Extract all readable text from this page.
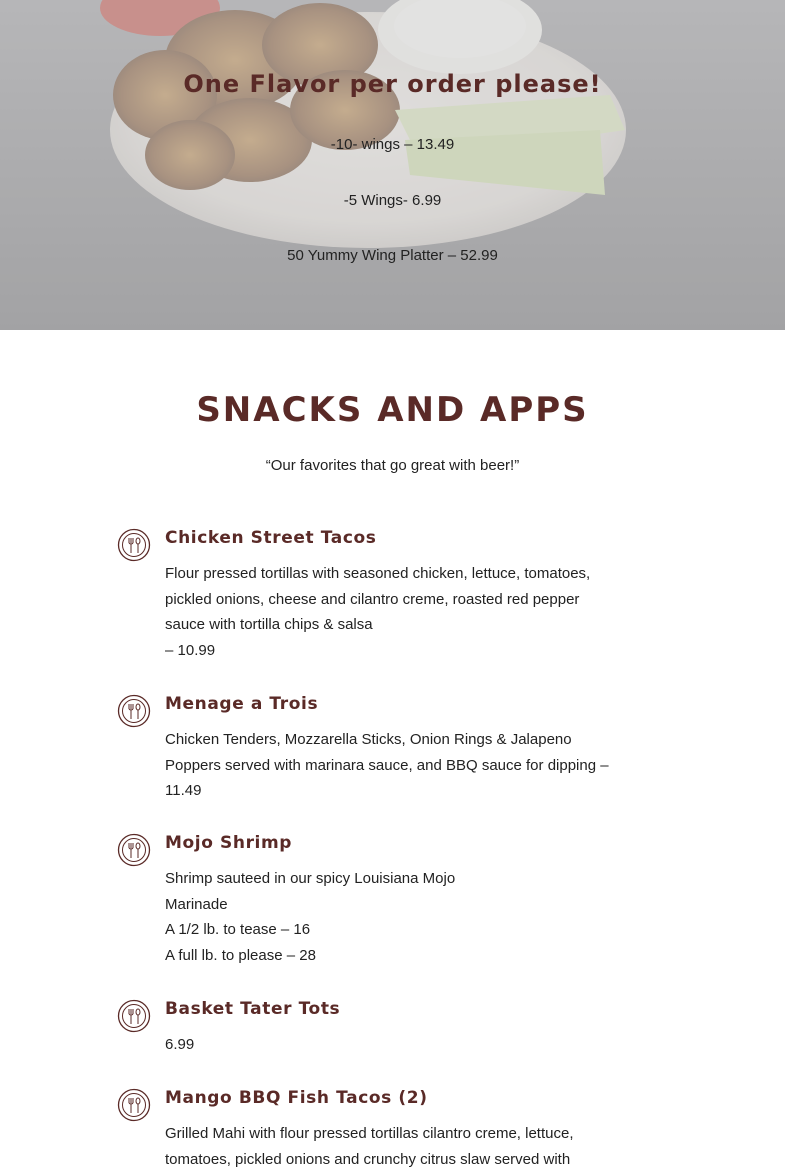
One Flavor per order please!
-10- wings – 13.49
-5 Wings- 6.99
50 Yummy Wing Platter – 52.99
SNACKS AND APPS
“Our favorites that go great with beer!”
Chicken Street Tacos
Flour pressed tortillas with seasoned chicken, lettuce, tomatoes,
pickled onions, cheese and cilantro creme, roasted red pepper
sauce with tortilla chips & salsa
– 10.99
Menage a Trois
Chicken Tenders, Mozzarella Sticks, Onion Rings & Jalapeno
Poppers served with marinara sauce, and BBQ sauce for dipping –
11.49
Mojo Shrimp
Shrimp sauteed in our spicy Louisiana Mojo
Marinade
A 1/2 lb. to tease – 16
A full lb. to please – 28
Basket Tater Tots
6.99
Mango BBQ Fish Tacos (2)
Grilled Mahi with flour pressed tortillas cilantro creme, lettuce,
tomatoes, pickled onions and crunchy citrus slaw served with
